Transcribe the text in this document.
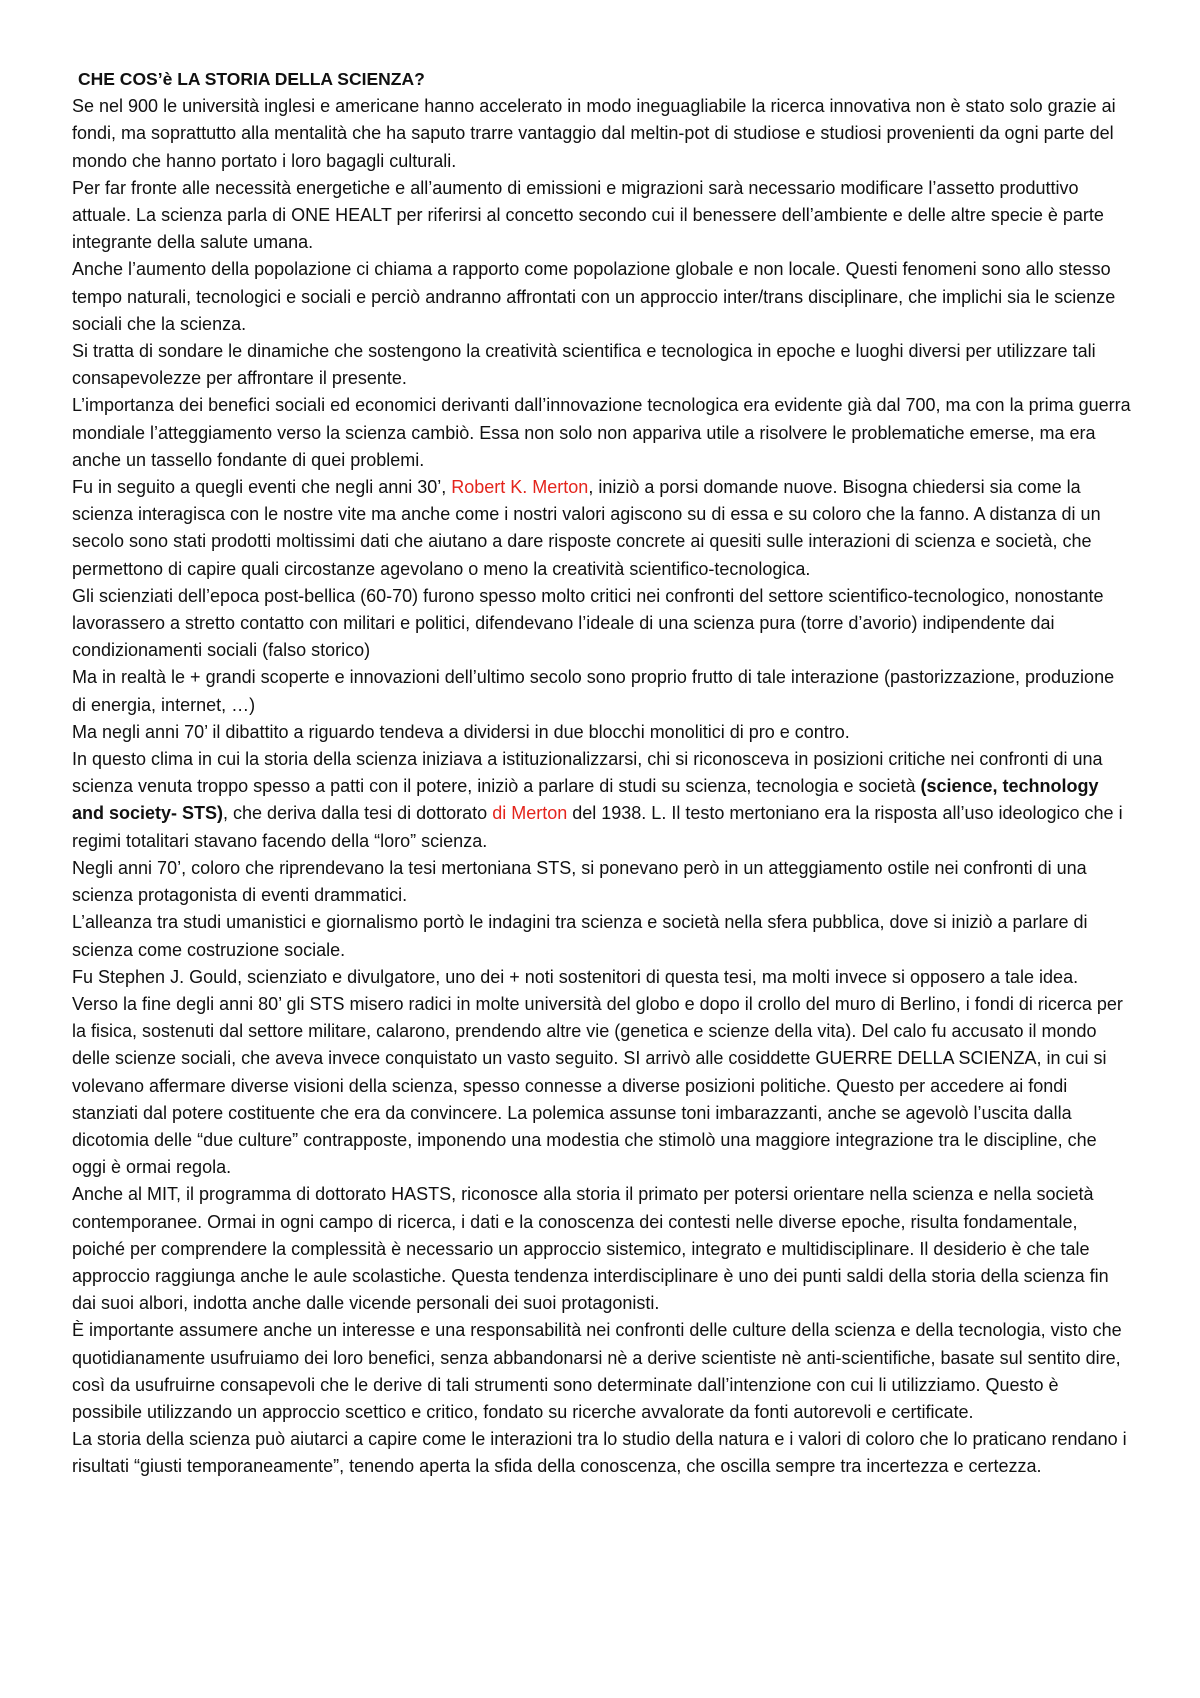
CHE COS’è LA STORIA DELLA SCIENZA?

Se nel 900 le università inglesi e americane hanno accelerato in modo ineguagliabile la ricerca innovativa non è stato solo grazie ai fondi, ma soprattutto alla mentalità che ha saputo trarre vantaggio dal meltin-pot di studiose e studiosi provenienti da ogni parte del mondo che hanno portato i loro bagagli culturali.

Per far fronte alle necessità energetiche e all’aumento di emissioni e migrazioni sarà necessario modificare l’assetto produttivo attuale. La scienza parla di ONE HEALT per riferirsi al concetto secondo cui il benessere dell’ambiente e delle altre specie è parte integrante della salute umana.

Anche l’aumento della popolazione ci chiama a rapporto come popolazione globale e non locale. Questi fenomeni sono allo stesso tempo naturali, tecnologici e sociali e perciò andranno affrontati con un approccio inter/trans disciplinare, che implichi sia le scienze sociali che la scienza.

Si tratta di sondare le dinamiche che sostengono la creatività scientifica e tecnologica in epoche e luoghi diversi per utilizzare tali consapevolezze per affrontare il presente.

L’importanza dei benefici sociali ed economici derivanti dall’innovazione tecnologica era evidente già dal 700, ma con la prima guerra mondiale l’atteggiamento verso la scienza cambiò. Essa non solo non appariva utile a risolvere le problematiche emerse, ma era anche un tassello fondante di quei problemi.

Fu in seguito a quegli eventi che negli anni 30’, Robert K. Merton, iniziò a porsi domande nuove. Bisogna chiedersi sia come la scienza interagisca con le nostre vite ma anche come i nostri valori agiscono su di essa e su coloro che la fanno. A distanza di un secolo sono stati prodotti moltissimi dati che aiutano a dare risposte concrete ai quesiti sulle interazioni di scienza e società, che permettono di capire quali circostanze agevolano o meno la creatività scientifico-tecnologica.

Gli scienziati dell’epoca post-bellica (60-70) furono spesso molto critici nei confronti del settore scientifico-tecnologico, nonostante lavorassero a stretto contatto con militari e politici, difendevano l’ideale di una scienza pura (torre d’avorio) indipendente dai condizionamenti sociali (falso storico)

Ma in realtà le + grandi scoperte e innovazioni dell’ultimo secolo sono proprio frutto di tale interazione (pastorizzazione, produzione di energia, internet, …)

Ma negli anni 70’ il dibattito a riguardo tendeva a dividersi in due blocchi monolitici di pro e contro.

In questo clima in cui la storia della scienza iniziava a istituzionalizzarsi, chi si riconosceva in posizioni critiche nei confronti di una scienza venuta troppo spesso a patti con il potere, iniziò a parlare di studi su scienza, tecnologia e società (science, technology and society- STS), che deriva dalla tesi di dottorato di Merton del 1938. L. Il testo mertoniano era la risposta all’uso ideologico che i regimi totalitari stavano facendo della “loro” scienza.

Negli anni 70’, coloro che riprendevano la tesi mertoniana STS, si ponevano però in un atteggiamento ostile nei confronti di una scienza protagonista di eventi drammatici.

L’alleanza tra studi umanistici e giornalismo portò le indagini tra scienza e società nella sfera pubblica, dove si iniziò a parlare di scienza come costruzione sociale.

Fu Stephen J. Gould, scienziato e divulgatore, uno dei + noti sostenitori di questa tesi, ma molti invece si opposero a tale idea.

Verso la fine degli anni 80’ gli STS misero radici in molte università del globo e dopo il crollo del muro di Berlino, i fondi di ricerca per la fisica, sostenuti dal settore militare, calarono, prendendo altre vie (genetica e scienze della vita). Del calo fu accusato il mondo delle scienze sociali, che aveva invece conquistato un vasto seguito. SI arrivò alle cosiddette GUERRE DELLA SCIENZA, in cui si volevano affermare diverse visioni della scienza, spesso connesse a diverse posizioni politiche. Questo per accedere ai fondi stanziati dal potere costituente che era da convincere. La polemica assunse toni imbarazzanti, anche se agevolò l’uscita dalla dicotomia delle “due culture” contrapposte, imponendo una modestia che stimolò una maggiore integrazione tra le discipline, che oggi è ormai regola.

Anche al MIT, il programma di dottorato HASTS, riconosce alla storia il primato per potersi orientare nella scienza e nella società contemporanee. Ormai in ogni campo di ricerca, i dati e la conoscenza dei contesti nelle diverse epoche, risulta fondamentale, poiché per comprendere la complessità è necessario un approccio sistemico, integrato e multidisciplinare. Il desiderio è che tale approccio raggiunga anche le aule scolastiche. Questa tendenza interdisciplinare è uno dei punti saldi della storia della scienza fin dai suoi albori, indotta anche dalle vicende personali dei suoi protagonisti.

È importante assumere anche un interesse e una responsabilità nei confronti delle culture della scienza e della tecnologia, visto che quotidianamente usufruiamo dei loro benefici, senza abbandonarsi nè a derive scientiste nè anti-scientifiche, basate sul sentito dire, così da usufruirne consapevoli che le derive di tali strumenti sono determinate dall’intenzione con cui li utilizziamo. Questo è possibile utilizzando un approccio scettico e critico, fondato su ricerche avvalorate da fonti autorevoli e certificate.

La storia della scienza può aiutarci a capire come le interazioni tra lo studio della natura e i valori di coloro che lo praticano rendano i risultati “giusti temporaneamente”, tenendo aperta la sfida della conoscenza, che oscilla sempre tra incertezza e certezza.
